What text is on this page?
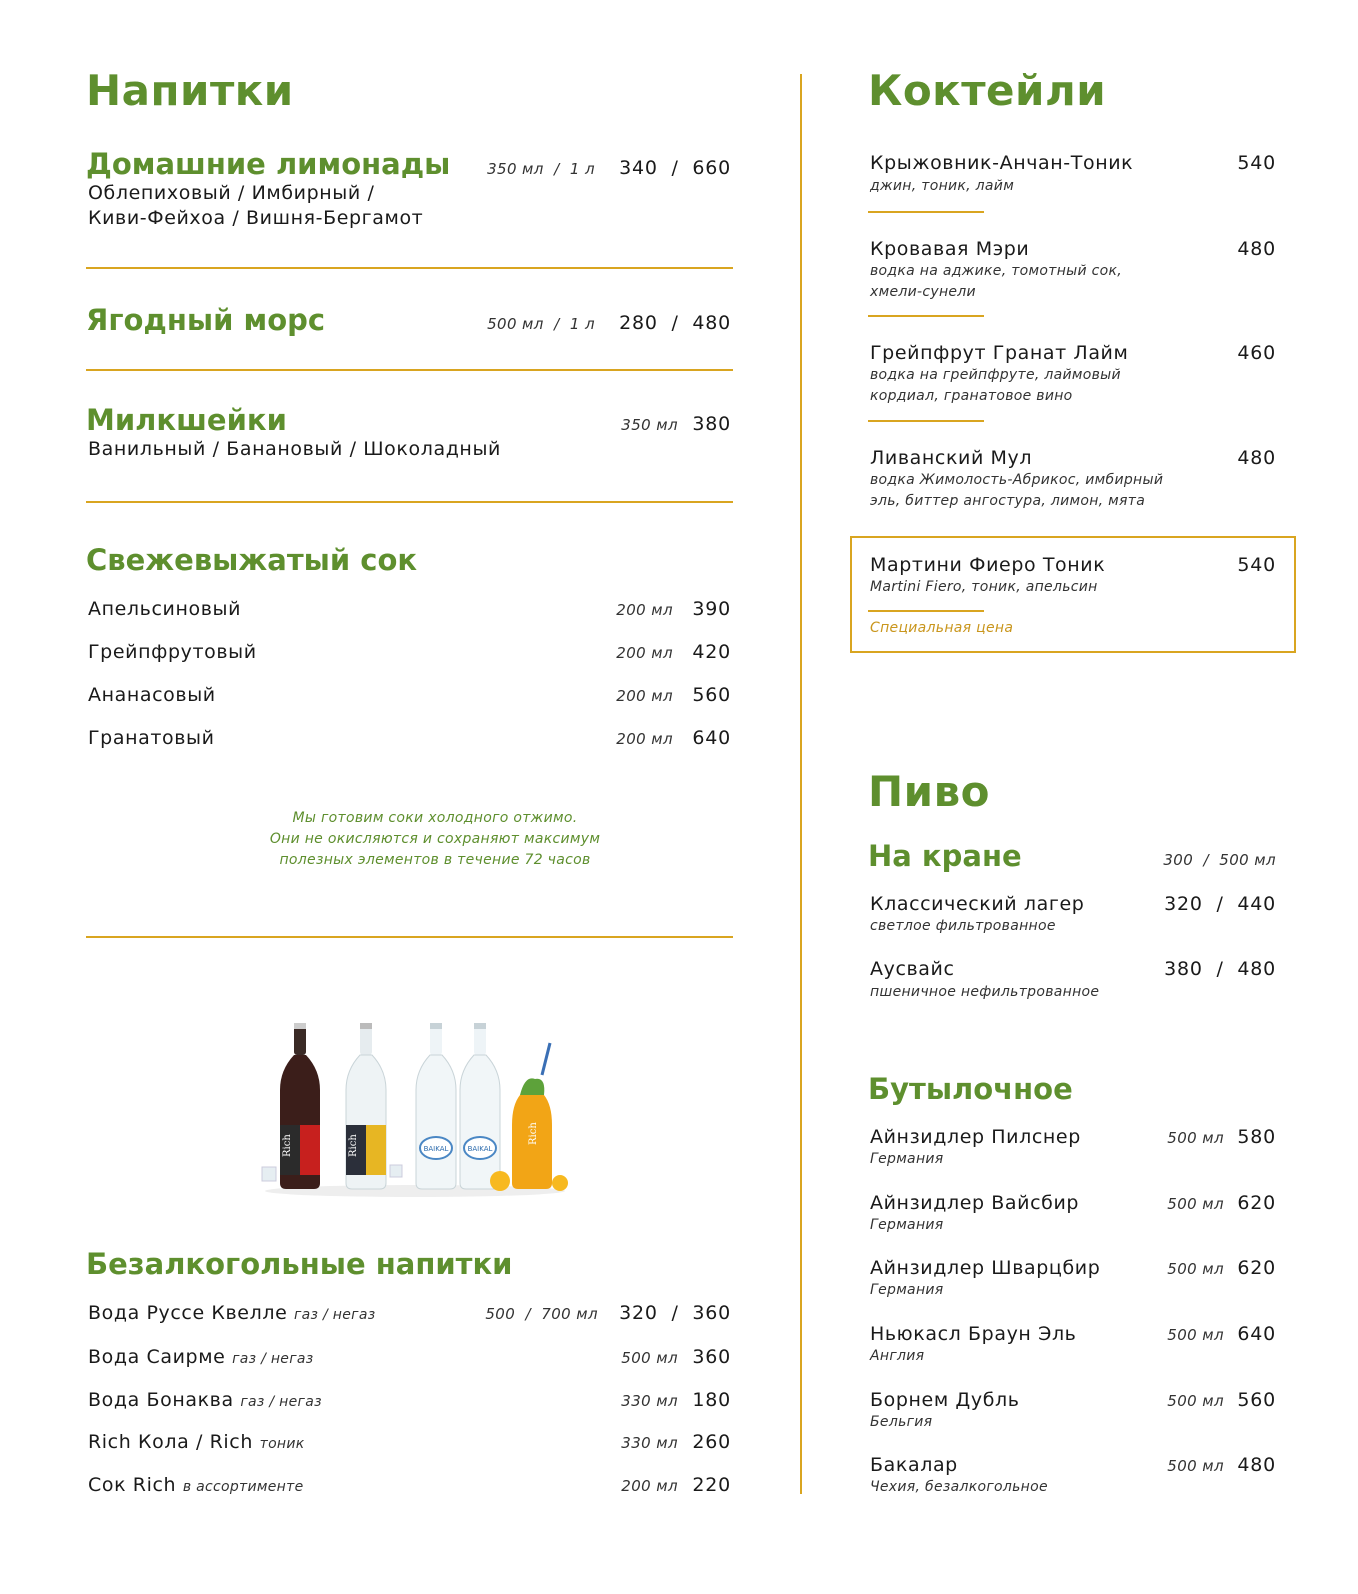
Напитки
Домашние лимонады	350 мл  /  1 л	340  /  660
Облепиховый / Имбирный /
Киви-Фейхоа / Вишня-Бергамот
Ягодный морс	500 мл  /  1 л	280  /  480
Милкшейки	350 мл 380
Ванильный / Банановый / Шоколадный
Свежевыжатый сок
Апельсиновый	200 мл	390
Грейпфрутовый	200 мл	420
Ананасовый	200 мл	560
Гранатовый	200 мл	640
Мы готовим соки холодного отжимо.
Они не окисляются и сохраняют максимум
полезных элементов в течение 72 часов
Rich	Rich	BAIKAL	BAIKAL
Rich
Безалкогольные напитки
Вода Руссе Квелле газ / негаз	500  /  700 мл	320  /  360
Вода Саирме газ / негаз	500 мл 360
Вода Бонаква газ / негаз	330 мл 180
Rich Кола / Rich тоник	330 мл 260
Сок Rich в ассортименте	200 мл 220
Коктейли
Крыжовник-Анчан-Тоник	540
джин, тоник, лайм
Кровавая Мэри	480
водка на аджике, томотный сок,
хмели-сунели
Грейпфрут Гранат Лайм	460
водка на грейпфруте, лаймовый
кордиал, грaнатовое вино
Ливанский Мул	480
водка Жимолость-Абрикос, имбирный
эль, биттер ангостура, лимон, мята
Мартини Фиеро Тоник	540
Martini Fiero, тоник, апельсин
Специальная цена
Пиво
На кране	300  /  500 мл
Классический лагер	320  /  440
светлое фильтрованное
Аусвайс	380  /  480
пшеничное нефильтрованное
Бутылочное
Айнзидлер Пилснер	500 мл 580
Германия
Айнзидлер Вайсбир	500 мл 620
Германия
Айнзидлер Шварцбир	500 мл 620
Германия
Ньюкасл Браун Эль	500 мл 640
Англия
Борнем Дубль	500 мл 560
Бельгия
Бакалар	500 мл 480
Чехия, безалкогольное
